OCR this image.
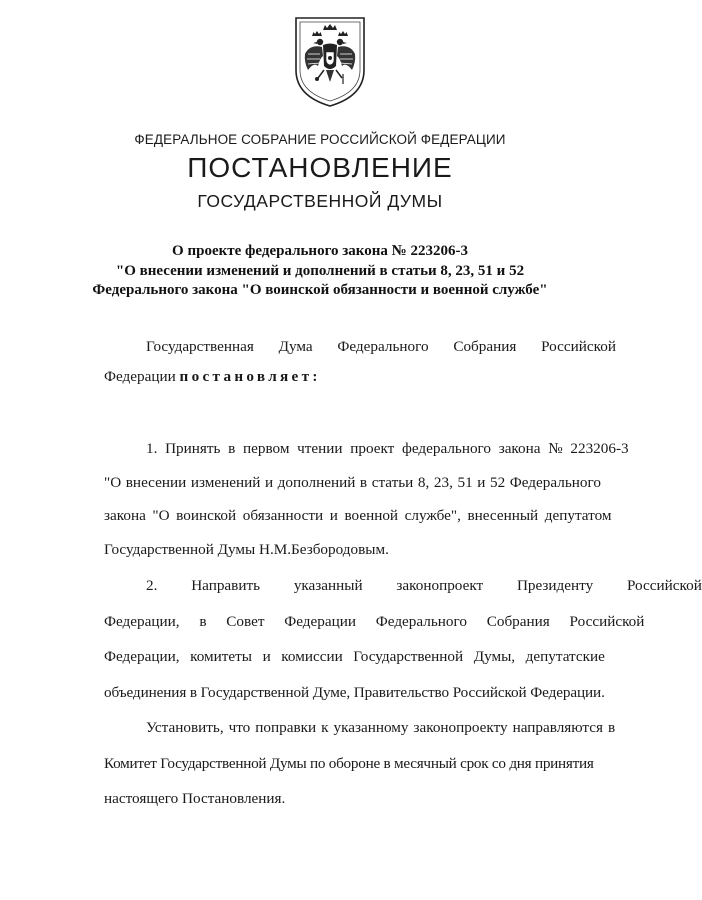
ФЕДЕРАЛЬНОЕ СОБРАНИЕ РОССИЙСКОЙ ФЕДЕРАЦИИ
ПОСТАНОВЛЕНИЕ
ГОСУДАРСТВЕННОЙ ДУМЫ
О проекте федерального закона № 223206-3
"О внесении изменений и дополнений в статьи 8, 23, 51 и 52
Федерального закона "О воинской обязанности и военной службе"
Государственная Дума Федерального Собрания Российской
Федерации постановляет:
1. Принять в первом чтении проект федерального закона № 223206-3
"О внесении изменений и дополнений в статьи 8, 23, 51 и 52 Федерального
закона "О воинской обязанности и военной службе", внесенный депутатом
Государственной Думы Н.М.Безбородовым.
2. Направить указанный законопроект Президенту Российской
Федерации, в Совет Федерации Федерального Собрания Российской
Федерации, комитеты и комиссии Государственной Думы, депутатские
объединения в Государственной Думе, Правительство Российской Федерации.
Установить, что поправки к указанному законопроекту направляются в
Комитет Государственной Думы по обороне в месячный срок со дня принятия
настоящего Постановления.
